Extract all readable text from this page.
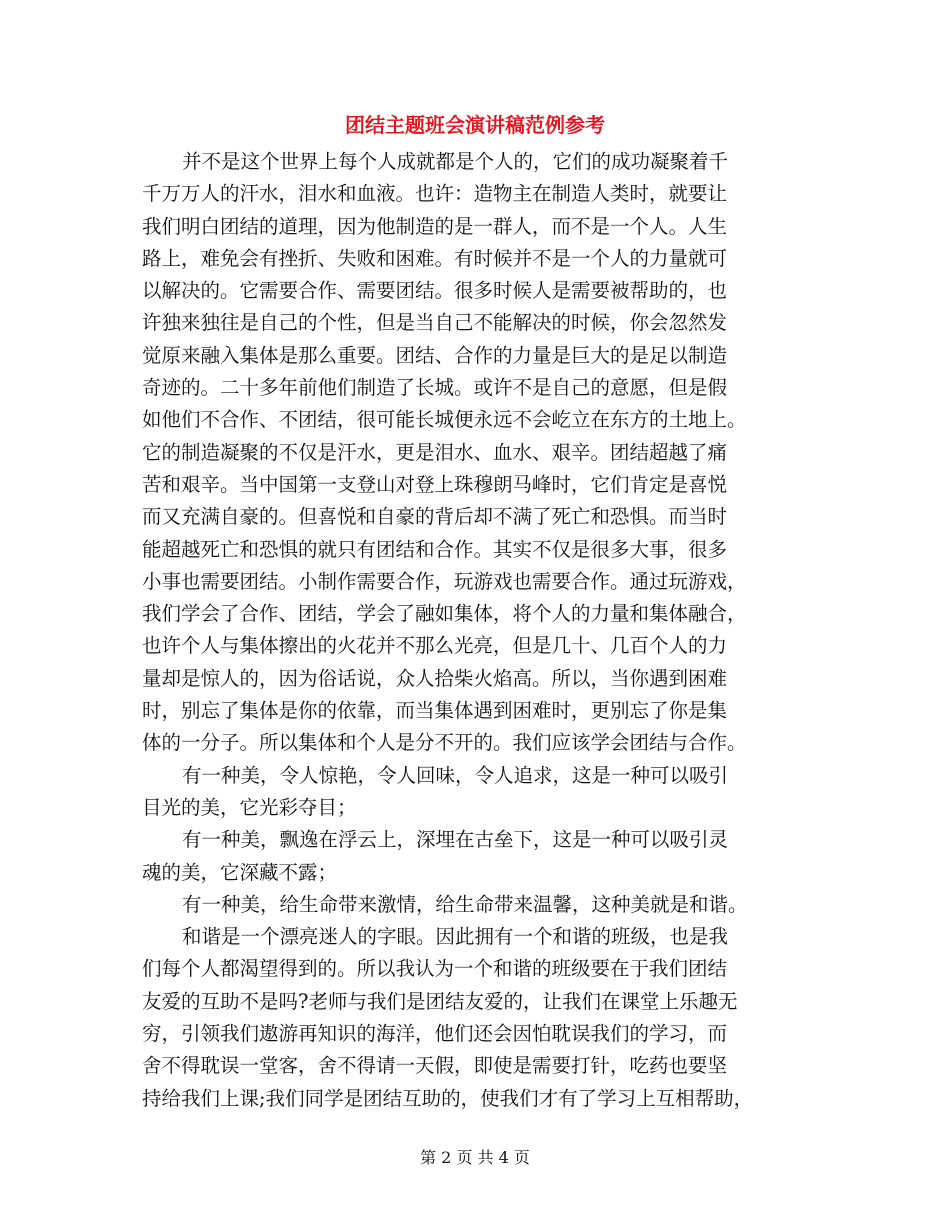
团结主题班会演讲稿范例参考
并不是这个世界上每个人成就都是个人的，它们的成功凝聚着千
千万万人的汗水，泪水和血液。也许：造物主在制造人类时，就要让
我们明白团结的道理，因为他制造的是一群人，而不是一个人。人生
路上，难免会有挫折、失败和困难。有时候并不是一个人的力量就可
以解决的。它需要合作、需要团结。很多时候人是需要被帮助的，也
许独来独往是自己的个性，但是当自己不能解决的时候，你会忽然发
觉原来融入集体是那么重要。团结、合作的力量是巨大的是足以制造
奇迹的。二十多年前他们制造了长城。或许不是自己的意愿，但是假
如他们不合作、不团结，很可能长城便永远不会屹立在东方的土地上。
它的制造凝聚的不仅是汗水，更是泪水、血水、艰辛。团结超越了痛
苦和艰辛。当中国第一支登山对登上珠穆朗马峰时，它们肯定是喜悦
而又充满自豪的。但喜悦和自豪的背后却不满了死亡和恐惧。而当时
能超越死亡和恐惧的就只有团结和合作。其实不仅是很多大事，很多
小事也需要团结。小制作需要合作，玩游戏也需要合作。通过玩游戏，
我们学会了合作、团结，学会了融如集体，将个人的力量和集体融合，
也许个人与集体擦出的火花并不那么光亮，但是几十、几百个人的力
量却是惊人的，因为俗话说，众人拾柴火焰高。所以，当你遇到困难
时，别忘了集体是你的依靠，而当集体遇到困难时，更别忘了你是集
体的一分子。所以集体和个人是分不开的。我们应该学会团结与合作。
有一种美，令人惊艳，令人回味，令人追求，这是一种可以吸引
目光的美，它光彩夺目；
有一种美，飘逸在浮云上，深埋在古垒下，这是一种可以吸引灵
魂的美，它深藏不露；
有一种美，给生命带来激情，给生命带来温馨，这种美就是和谐。
和谐是一个漂亮迷人的字眼。因此拥有一个和谐的班级，也是我
们每个人都渴望得到的。所以我认为一个和谐的班级要在于我们团结
友爱的互助不是吗?老师与我们是团结友爱的，让我们在课堂上乐趣无
穷，引领我们遨游再知识的海洋，他们还会因怕耽误我们的学习，而
舍不得耽误一堂客，舍不得请一天假，即使是需要打针，吃药也要坚
持给我们上课;我们同学是团结互助的，使我们才有了学习上互相帮助，
第 2 页 共 4 页
